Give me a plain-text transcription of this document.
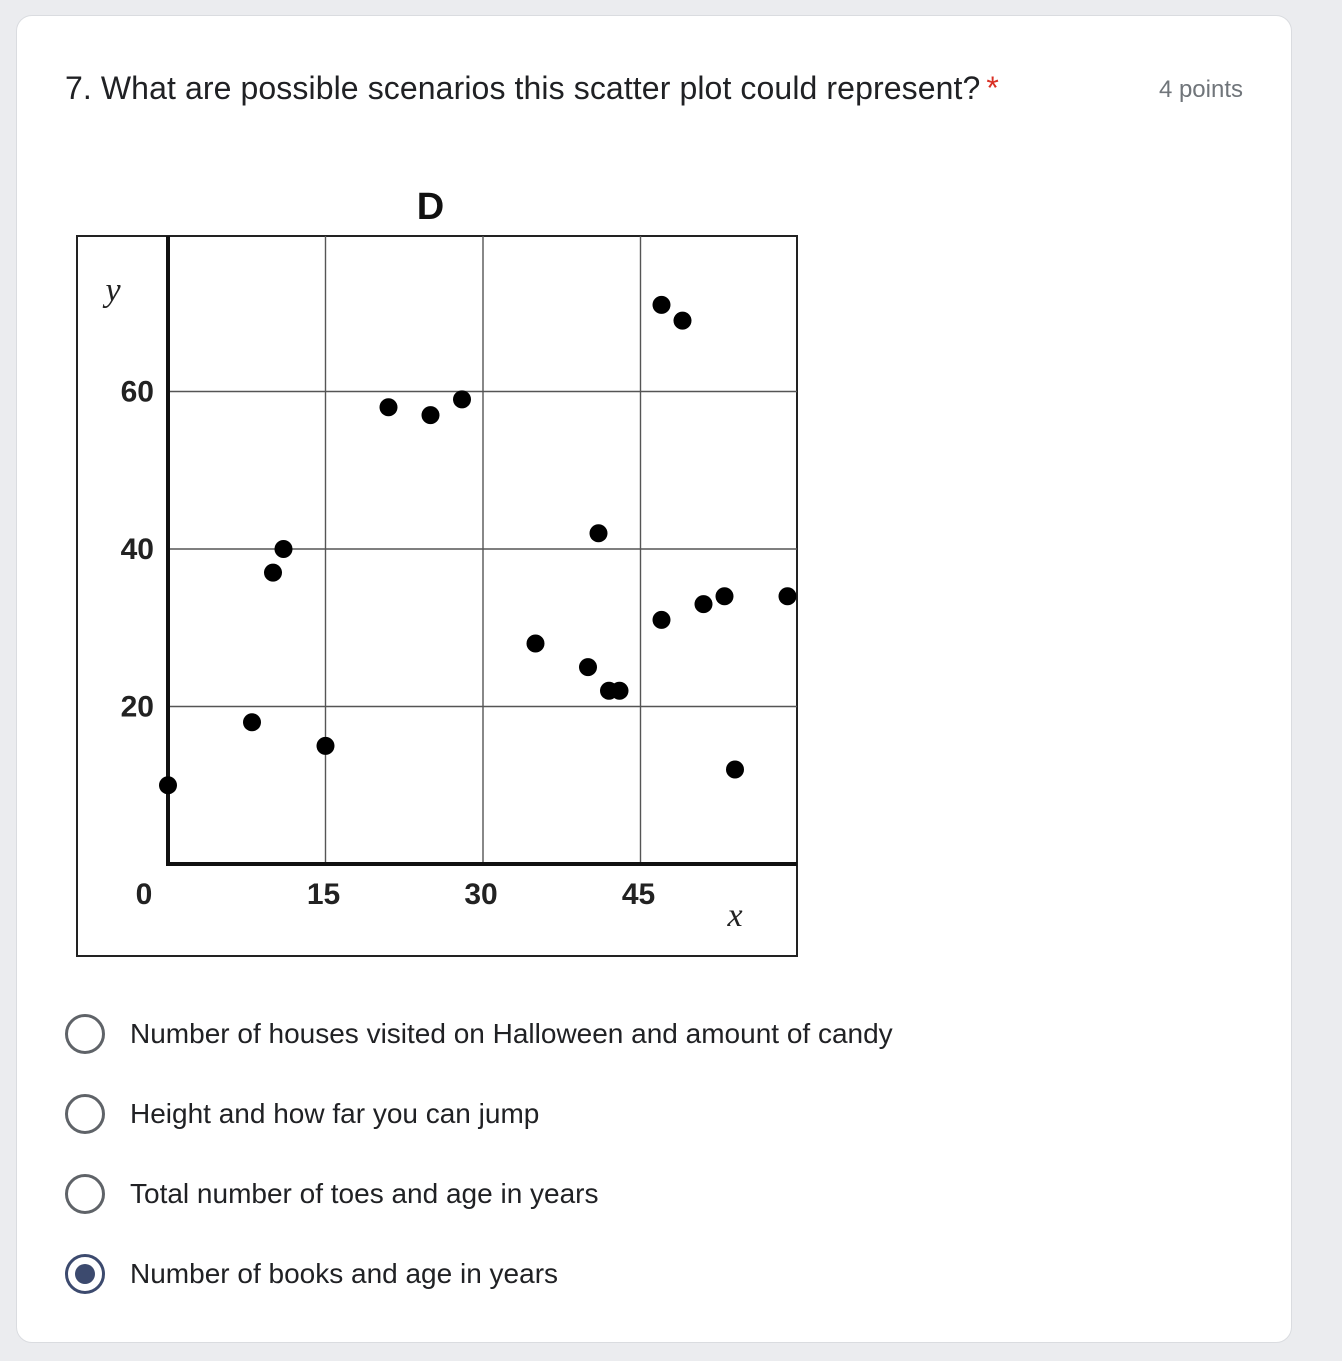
7. What are possible scenarios this scatter plot could represent? *	4 points
D
20
40
60
0	15	30	45
y
x
Number of houses visited on Halloween and amount of candy
Height and how far you can jump
Total number of toes and age in years
Number of books and age in years
